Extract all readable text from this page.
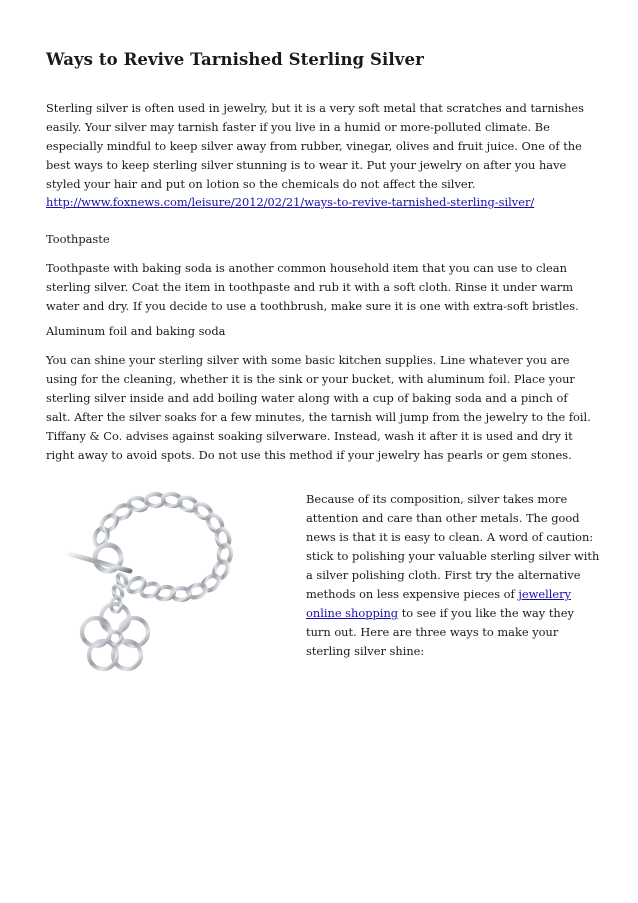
Ways to Revive Tarnished Sterling Silver

Sterling silver is often used in jewelry, but it is a very soft metal that scratches and tarnishes easily. Your silver may tarnish faster if you live in a humid or more-polluted climate. Be especially mindful to keep silver away from rubber, vinegar, olives and fruit juice. One of the best ways to keep sterling silver stunning is to wear it. Put your jewelry on after you have styled your hair and put on lotion so the chemicals do not affect the silver.

http://www.foxnews.com/leisure/2012/02/21/ways-to-revive-tarnished-sterling-silver/

Toothpaste

Toothpaste with baking soda is another common household item that you can use to clean sterling silver. Coat the item in toothpaste and rub it with a soft cloth. Rinse it under warm water and dry. If you decide to use a toothbrush, make sure it is one with extra-soft bristles.

Aluminum foil and baking soda

You can shine your sterling silver with some basic kitchen supplies. Line whatever you are using for the cleaning, whether it is the sink or your bucket, with aluminum foil. Place your sterling silver inside and add boiling water along with a cup of baking soda and a pinch of salt. After the silver soaks for a few minutes, the tarnish will jump from the jewelry to the foil. Tiffany & Co. advises against soaking silverware. Instead, wash it after it is used and dry it right away to avoid spots. Do not use this method if your jewelry has pearls or gem stones.

Because of its composition, silver takes more attention and care than other metals. The good news is that it is easy to clean. A word of caution: stick to polishing your valuable sterling silver with a silver polishing cloth. First try the alternative methods on less expensive pieces of jewellery online shopping to see if you like the way they turn out. Here are three ways to make your sterling silver shine:
